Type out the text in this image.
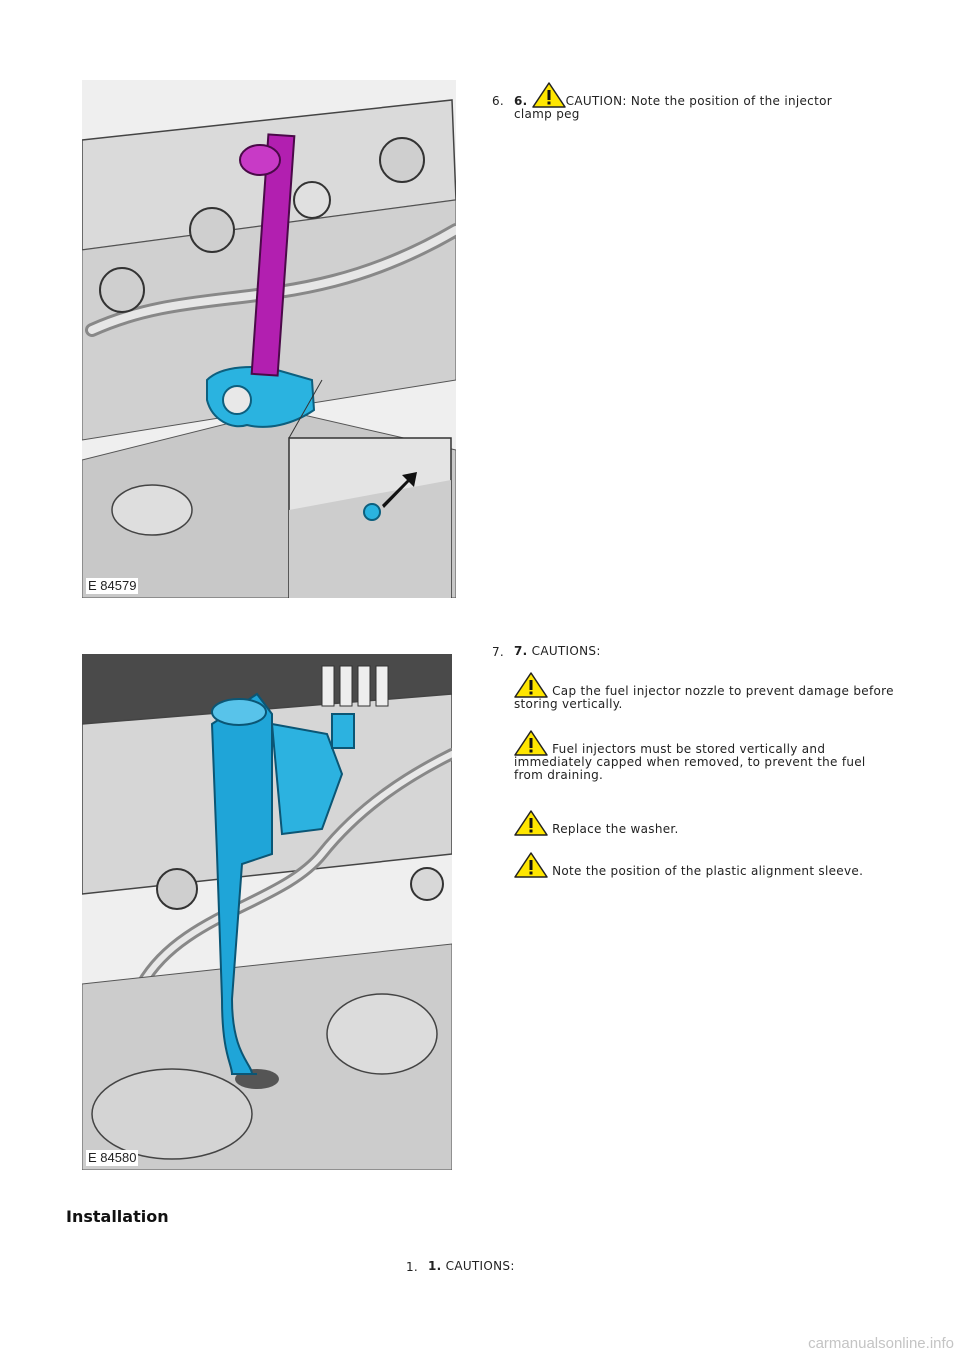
E 84579
6. 6.	CAUTION: Note the position of the injector clamp peg
E 84580
7. 7. CAUTIONS:
Cap the fuel injector nozzle to prevent damage before storing vertically.
Fuel injectors must be stored vertically and immediately capped when removed, to prevent the fuel from draining.
Replace the washer.
Note the position of the plastic alignment sleeve.
Installation
1. 1. CAUTIONS:
carmanualsonline.info
